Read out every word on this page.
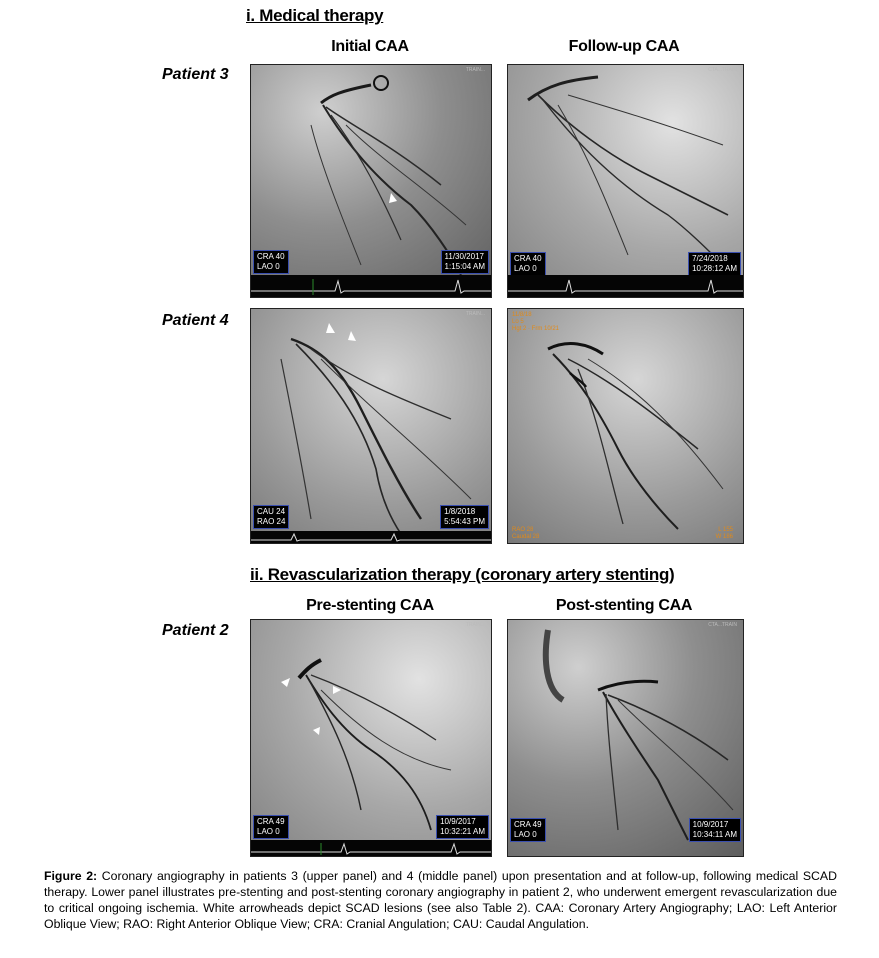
i. Medical therapy
ii. Revascularization therapy (coronary artery stenting)
Initial CAA	Follow-up CAA
Pre-stenting CAA	Post-stenting CAA
Patient 3
Patient 4
Patient 2
TRAIN...
CRA 40
LAO 0
11/30/2017
1:15:04 AM
CTA...TRAIN
CRA 40
LAO 0
7/24/2018
10:28:12 AM
TRAIN...
CAU 24
RAO 24
1/8/2018
5:54:43 PM
11/8/18
Lo 5
Hgt 2 · Frm 10/21
RAO 28
Caudal 28
L 155
W 186
TRAIN...
CRA 49
LAO 0
10/9/2017
10:32:21 AM
CTA...TRAIN
CRA 49
LAO 0
10/9/2017
10:34:11 AM
Figure 2: Coronary angiography in patients 3 (upper panel) and 4 (middle panel) upon presentation and at follow-up, following medical SCAD therapy. Lower panel illustrates pre-stenting and post-stenting coronary angiography in patient 2, who underwent emergent revascularization due to critical ongoing ischemia. White arrowheads depict SCAD lesions (see also Table 2). CAA: Coronary Artery Angiography; LAO: Left Anterior Oblique View; RAO: Right Anterior Oblique View; CRA: Cranial Angulation; CAU: Caudal Angulation.
